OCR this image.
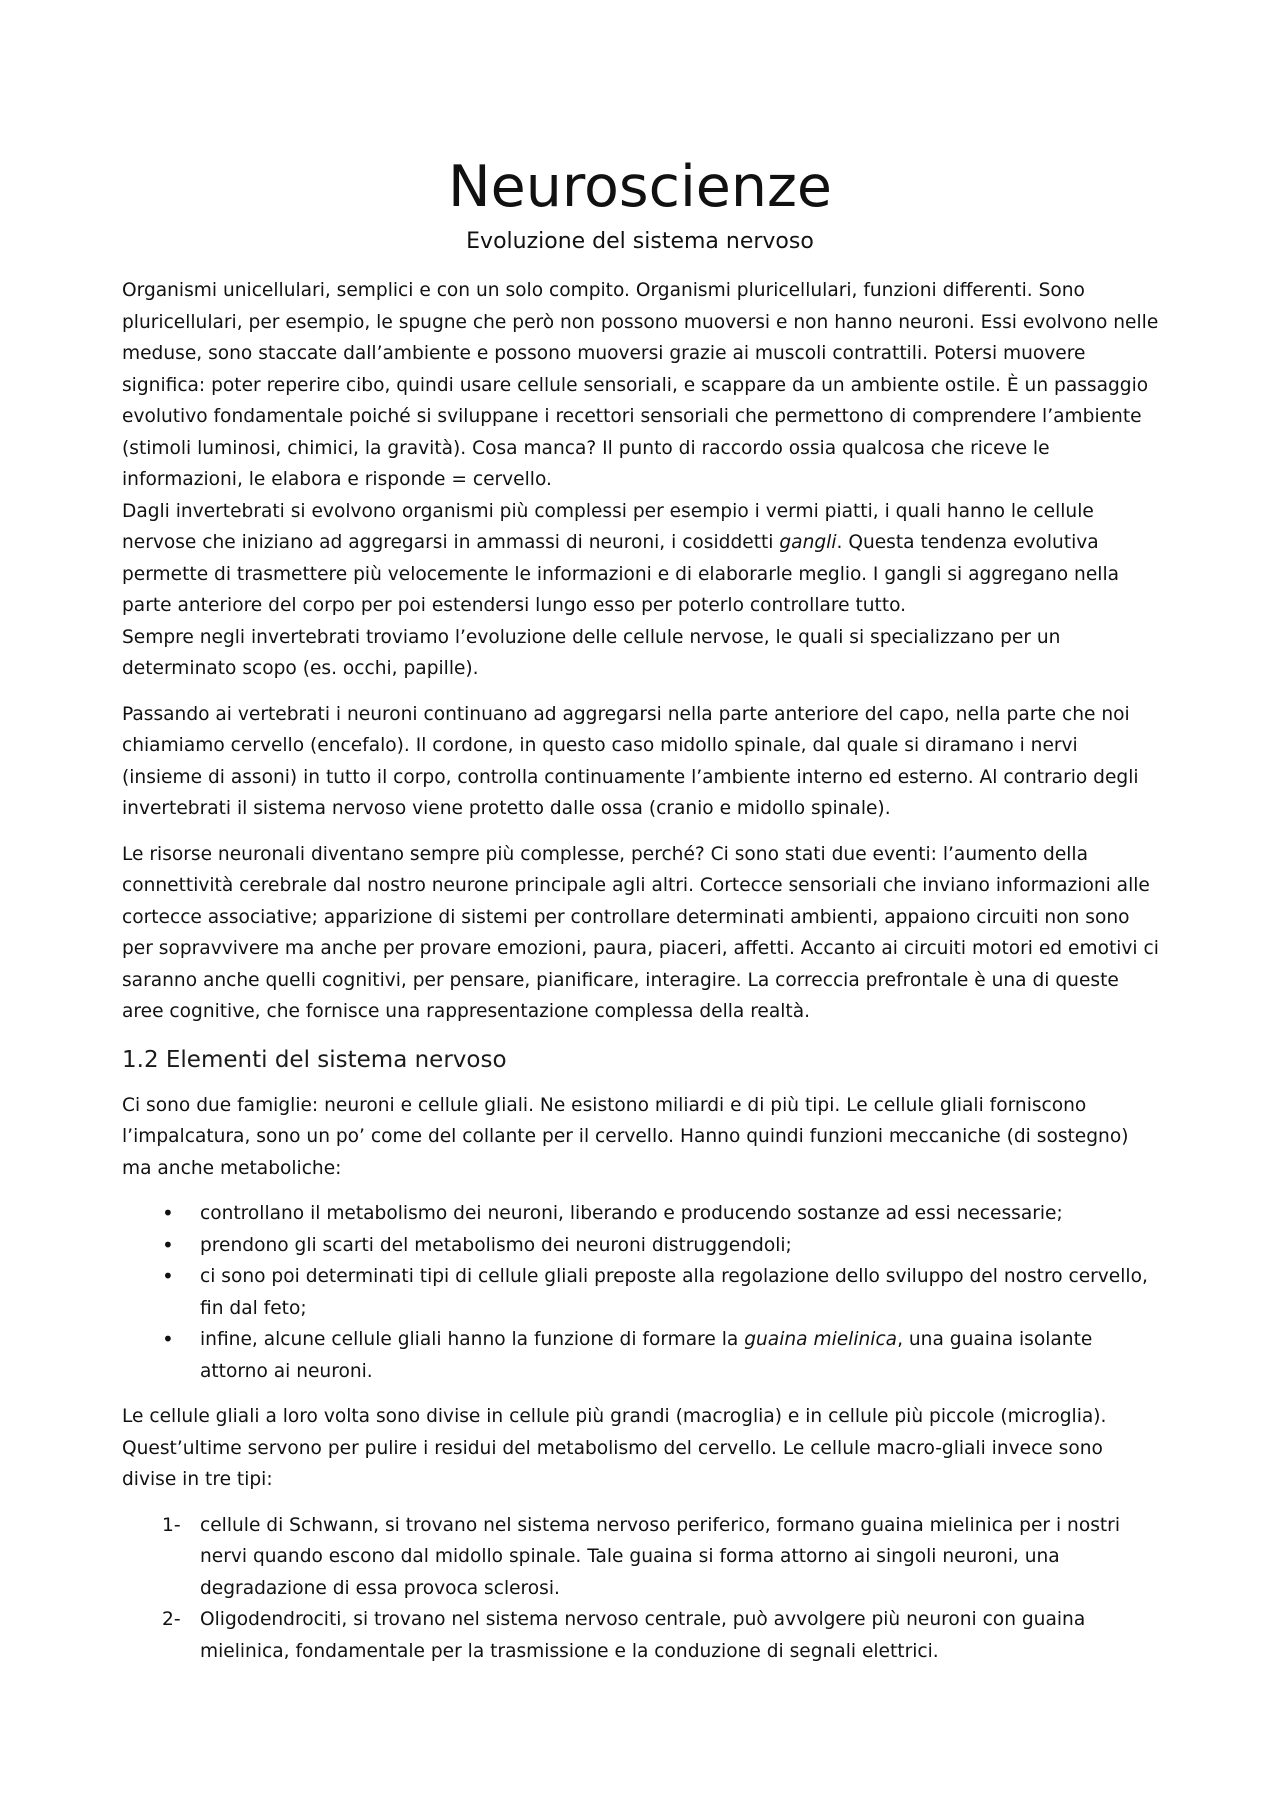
Neuroscienze
Evoluzione del sistema nervoso

Organismi unicellulari, semplici e con un solo compito. Organismi pluricellulari, funzioni differenti. Sono pluricellulari, per esempio, le spugne che però non possono muoversi e non hanno neuroni. Essi evolvono nelle meduse, sono staccate dall’ambiente e possono muoversi grazie ai muscoli contrattili. Potersi muovere significa: poter reperire cibo, quindi usare cellule sensoriali, e scappare da un ambiente ostile. È un passaggio evolutivo fondamentale poiché si sviluppane i recettori sensoriali che permettono di comprendere l’ambiente (stimoli luminosi, chimici, la gravità). Cosa manca? Il punto di raccordo ossia qualcosa che riceve le informazioni, le elabora e risponde = cervello.

Dagli invertebrati si evolvono organismi più complessi per esempio i vermi piatti, i quali hanno le cellule nervose che iniziano ad aggregarsi in ammassi di neuroni, i cosiddetti gangli. Questa tendenza evolutiva permette di trasmettere più velocemente le informazioni e di elaborarle meglio. I gangli si aggregano nella parte anteriore del corpo per poi estendersi lungo esso per poterlo controllare tutto.

Sempre negli invertebrati troviamo l’evoluzione delle cellule nervose, le quali si specializzano per un determinato scopo (es. occhi, papille).

Passando ai vertebrati i neuroni continuano ad aggregarsi nella parte anteriore del capo, nella parte che noi chiamiamo cervello (encefalo). Il cordone, in questo caso midollo spinale, dal quale si diramano i nervi (insieme di assoni) in tutto il corpo, controlla continuamente l’ambiente interno ed esterno. Al contrario degli invertebrati il sistema nervoso viene protetto dalle ossa (cranio e midollo spinale).

Le risorse neuronali diventano sempre più complesse, perché? Ci sono stati due eventi: l’aumento della connettività cerebrale dal nostro neurone principale agli altri. Cortecce sensoriali che inviano informazioni alle cortecce associative; apparizione di sistemi per controllare determinati ambienti, appaiono circuiti non sono per sopravvivere ma anche per provare emozioni, paura, piaceri, affetti. Accanto ai circuiti motori ed emotivi ci saranno anche quelli cognitivi, per pensare, pianificare, interagire. La correccia prefrontale è una di queste aree cognitive, che fornisce una rappresentazione complessa della realtà.

1.2 Elementi del sistema nervoso

Ci sono due famiglie: neuroni e cellule gliali. Ne esistono miliardi e di più tipi. Le cellule gliali forniscono l’impalcatura, sono un po’ come del collante per il cervello. Hanno quindi funzioni meccaniche (di sostegno) ma anche metaboliche:

• controllano il metabolismo dei neuroni, liberando e producendo sostanze ad essi necessarie;
• prendono gli scarti del metabolismo dei neuroni distruggendoli;
• ci sono poi determinati tipi di cellule gliali preposte alla regolazione dello sviluppo del nostro cervello, fin dal feto;
• infine, alcune cellule gliali hanno la funzione di formare la guaina mielinica, una guaina isolante attorno ai neuroni.

Le cellule gliali a loro volta sono divise in cellule più grandi (macroglia) e in cellule più piccole (microglia). Quest’ultime servono per pulire i residui del metabolismo del cervello. Le cellule macro-gliali invece sono divise in tre tipi:

1- cellule di Schwann, si trovano nel sistema nervoso periferico, formano guaina mielinica per i nostri nervi quando escono dal midollo spinale. Tale guaina si forma attorno ai singoli neuroni, una degradazione di essa provoca sclerosi.
2- Oligodendrociti, si trovano nel sistema nervoso centrale, può avvolgere più neuroni con guaina mielinica, fondamentale per la trasmissione e la conduzione di segnali elettrici.
